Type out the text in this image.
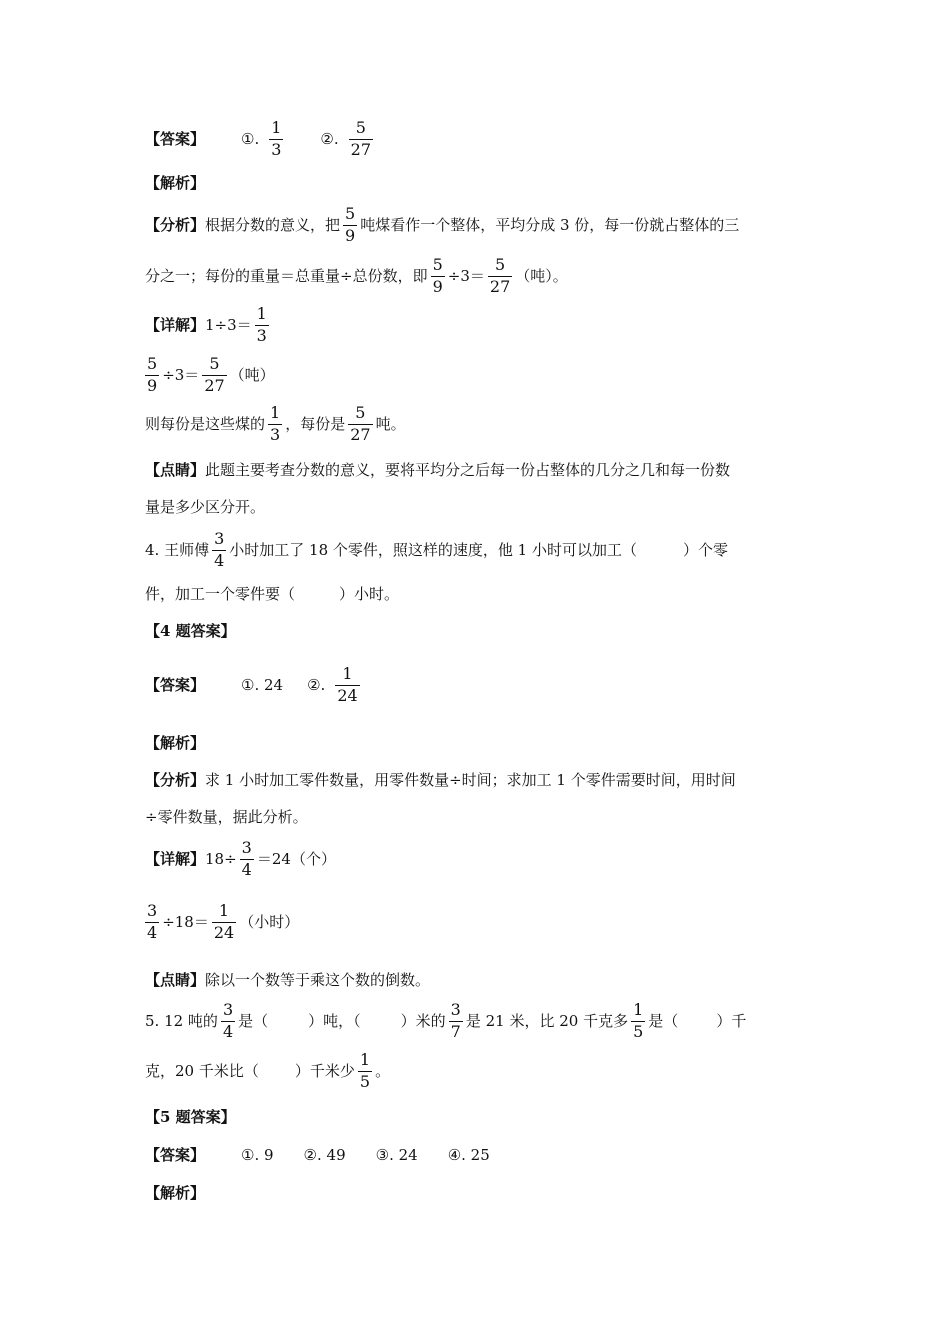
【答案】 ①. $\frac{1}{3}$ ②. $\frac{5}{27}$
【解析】
【分析】 根据分数的意义，把 $\frac{5}{9}$ 吨煤看作一个整体，平均分成 3 份，每一份就占整体的三
分之一；每份的重量＝总重量÷总份数，即 $\frac{5}{9} \div 3= \frac{5}{27}$ （吨）。
【详解】 $1\div 3= \frac{1}{3}$
$\frac{5}{9} \div 3= \frac{5}{27}$ （吨）
则每份是这些煤的 $\frac{1}{3}$ ，每份是 $\frac{5}{27}$ 吨。
【点睛】 此题主要考查分数的意义，要将平均分之后每一份占整体的几分之几和每一份数
量是多少区分开。
4. 王师傅 $\frac{3}{4}$ 小时加工了 18 个零件，照这样的速度，他 1 小时可以加工（	）个零
件，加工一个零件要（	）小时。
【4 题答案】
【答案】 ①. 24 ②. $\frac{1}{24}$
【解析】
【分析】 求 1 小时加工零件数量，用零件数量÷时间；求加工 1 个零件需要时间，用时间
÷零件数量，据此分析。
【详解】 $18\div \frac{3}{4} =24$（个）
$\frac{3}{4} \div 18= \frac{1}{24}$ （小时）
【点睛】 除以一个数等于乘这个数的倒数。
5. 12 吨的 $\frac{3}{4}$ 是（	）吨，（	）米的 $\frac{3}{7}$ 是 21 米，比 20 千克多 $\frac{1}{5}$ 是（	）千
克，20 千米比（ ）千米少 $\frac{1}{5}$ 。
【5 题答案】
【答案】 ①. 9 ②. 49 ③. 24 ④. 25
【解析】
